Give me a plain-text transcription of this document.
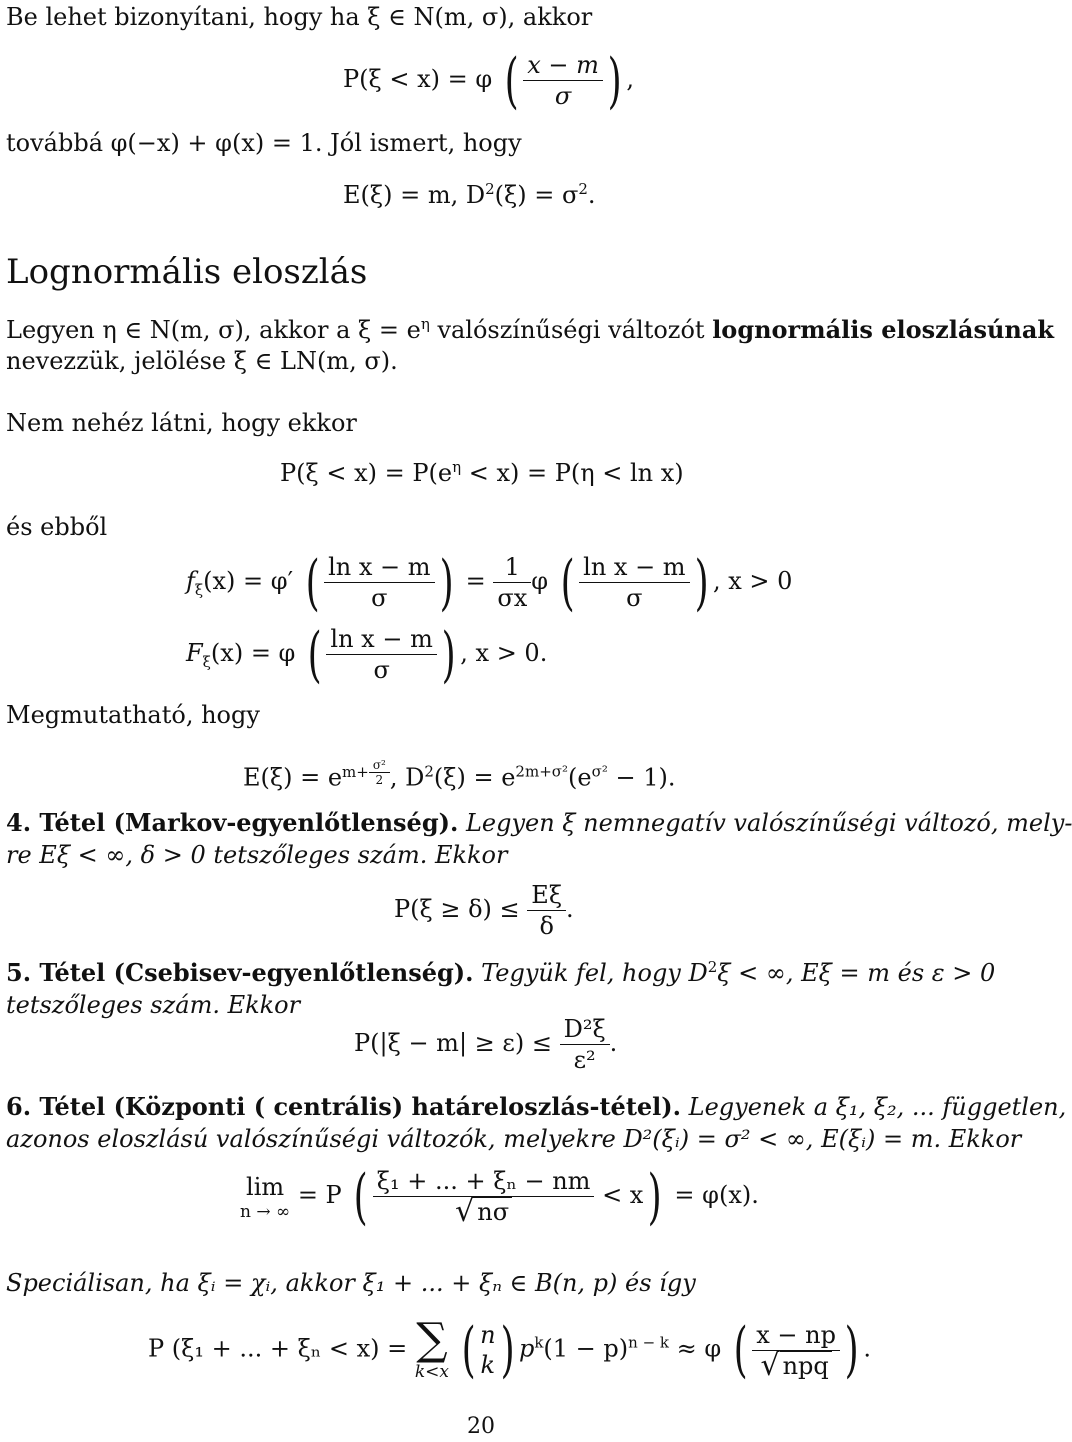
Be lehet bizonyítani, hogy ha ξ ∈ N(m, σ), akkor
P(ξ < x) = φ ( $\frac{x - m}{\sigma}$ ) ,
továbbá φ(−x) + φ(x) = 1. Jól ismert, hogy
E(ξ) = m, $D^2(\xi) = \sigma^2$.
Lognormális eloszlás
Legyen η ∈ N(m, σ), akkor a $\xi = e^\eta$ valószínűségi változót lognormális eloszlásúnak
nevezzük, jelölése ξ ∈ LN(m, σ).
Nem nehéz látni, hogy ekkor
$P(\xi < x) = P(e^\eta < x) = P(\eta < \ln x)$
és ebből
$f_\xi(x) = \varphi'$ ( $\frac{\text{ln x − m}}{\sigma}$ ) = $\frac{1}{\sigma x}$ φ ( $\frac{\text{ln x − m}}{\sigma}$ ) , x > 0
$F_\xi(x) = \varphi$ ( $\frac{\text{ln x − m}}{\sigma}$ ) , x > 0.
Megmutatható, hogy
$E(\xi) = e^{m+ \frac{\text{σ²}}{2}}$ , $D^2(\xi) = e^{2m+\sigma^2}(e^{\sigma^2} - 1)$.
4. Tétel (Markov-egyenlőtlenség). Legyen ξ nemnegatív valószínűségi változó, mely-
re Eξ < ∞, δ > 0 tetszőleges szám. Ekkor
$P(\xi \ge \delta) \le \frac{E\xi}{\delta}$ .
5. Tétel (Csebisev-egyenlőtlenség). Tegyük fel, hogy $D^2\xi$ < ∞, Eξ = m és ε > 0
tetszőleges szám. Ekkor
$P(|\xi - m| \ge \varepsilon) \le \frac{\text{D²ξ}}{\text{ε²}}$ .
6. Tétel (Központi ( centrális) határeloszlás-tétel). Legyenek a ξ₁, ξ₂, ... független,
azonos eloszlású valószínűségi változók, melyekre D²(ξᵢ) = σ² < ∞, E(ξᵢ) = m. Ekkor
lim
n → ∞
= P ( $\frac{\text{ξ₁ + ... + ξₙ − nm}}{√ n\sigma} < x) = \varphi(x)$.
Speciálisan, ha ξᵢ = χᵢ, akkor ξ₁ + ... + ξₙ ∈ B(n, p) és így
P (ξ₁ + ... + ξₙ < x) = ∑
k<x ( n
k ) $p^k(1 - p)^{n - k} \approx \varphi$ ( $\frac{x - np}{\text{√ npq}}$ ) .
20
